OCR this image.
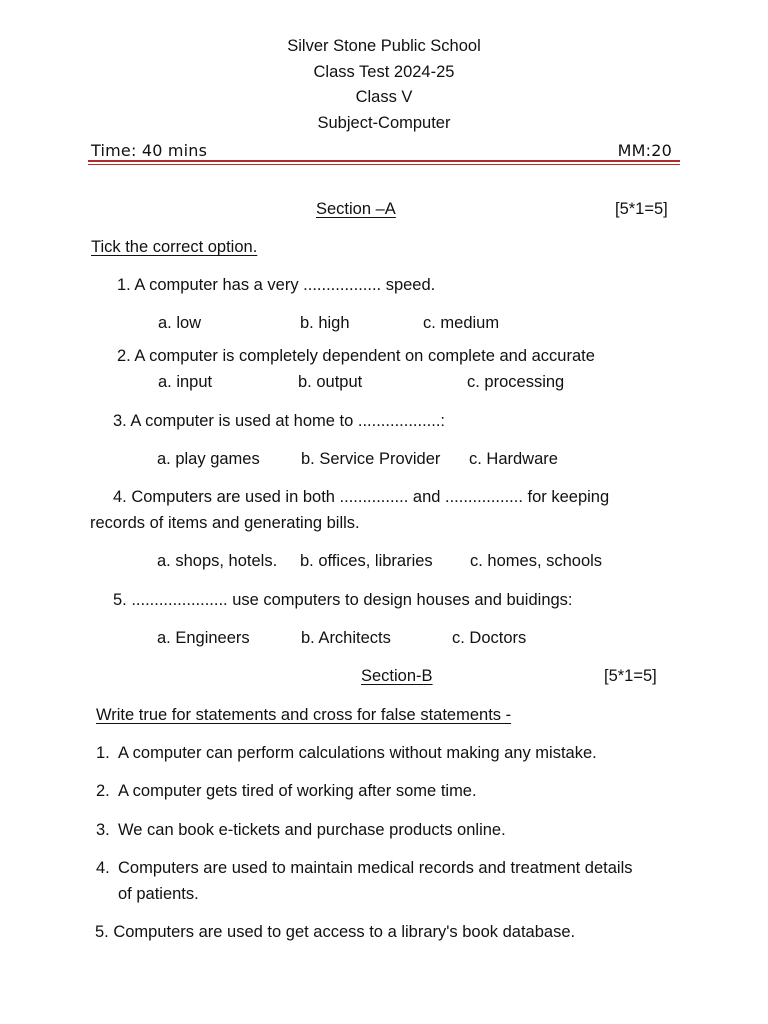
Silver Stone Public School
Class Test 2024-25
Class V
Subject-Computer
Time: 40 mins	MM:20
Section –A	[5*1=5]
Tick the correct option.
1. A computer has a very ................. speed.
a. low	b. high	c. medium
2. A computer is completely dependent on complete and accurate
a. input	b. output	c. processing
3. A computer is used at home to ..................:
a. play games	b. Service Provider c. Hardware
4. Computers are used in both ............... and ................. for keeping
records of items and generating bills.
a. shops, hotels. b. offices, libraries c. homes, schools
5. ..................... use computers to design houses and buidings:
a. Engineers	b. Architects	c. Doctors
Section-B	[5*1=5]
Write true for statements and cross for false statements -
1. A computer can perform calculations without making any mistake.
2. A computer gets tired of working after some time.
3. We can book e-tickets and purchase products online.
4. Computers are used to maintain medical records and treatment details
of patients.
5. Computers are used to get access to a library's book database.
